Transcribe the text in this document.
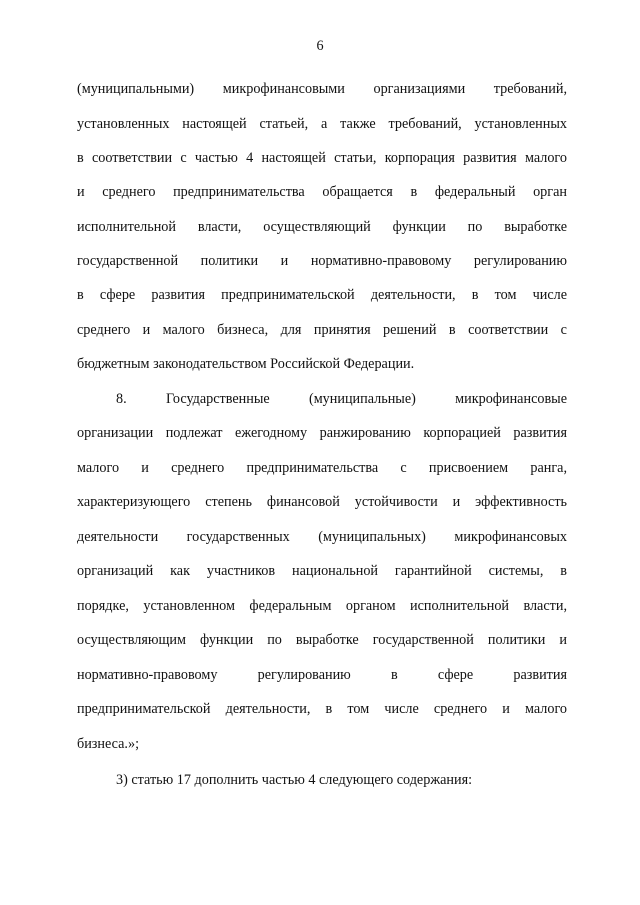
6
(муниципальными) микрофинансовыми организациями требований,
установленных настоящей статьей, а также требований, установленных
в соответствии с частью 4 настоящей статьи, корпорация развития малого
и среднего предпринимательства обращается в федеральный орган
исполнительной власти, осуществляющий функции по выработке
государственной политики и нормативно-правовому регулированию
в сфере развития предпринимательской деятельности, в том числе
среднего и малого бизнеса, для принятия решений в соответствии с
бюджетным законодательством Российской Федерации.
8. Государственные (муниципальные) микрофинансовые
организации подлежат ежегодному ранжированию корпорацией развития
малого и среднего предпринимательства с присвоением ранга,
характеризующего степень финансовой устойчивости и эффективность
деятельности государственных (муниципальных) микрофинансовых
организаций как участников национальной гарантийной системы, в
порядке, установленном федеральным органом исполнительной власти,
осуществляющим функции по выработке государственной политики и
нормативно-правовому регулированию в сфере развития
предпринимательской деятельности, в том числе среднего и малого
бизнеса.»;
3) статью 17 дополнить частью 4 следующего содержания:
